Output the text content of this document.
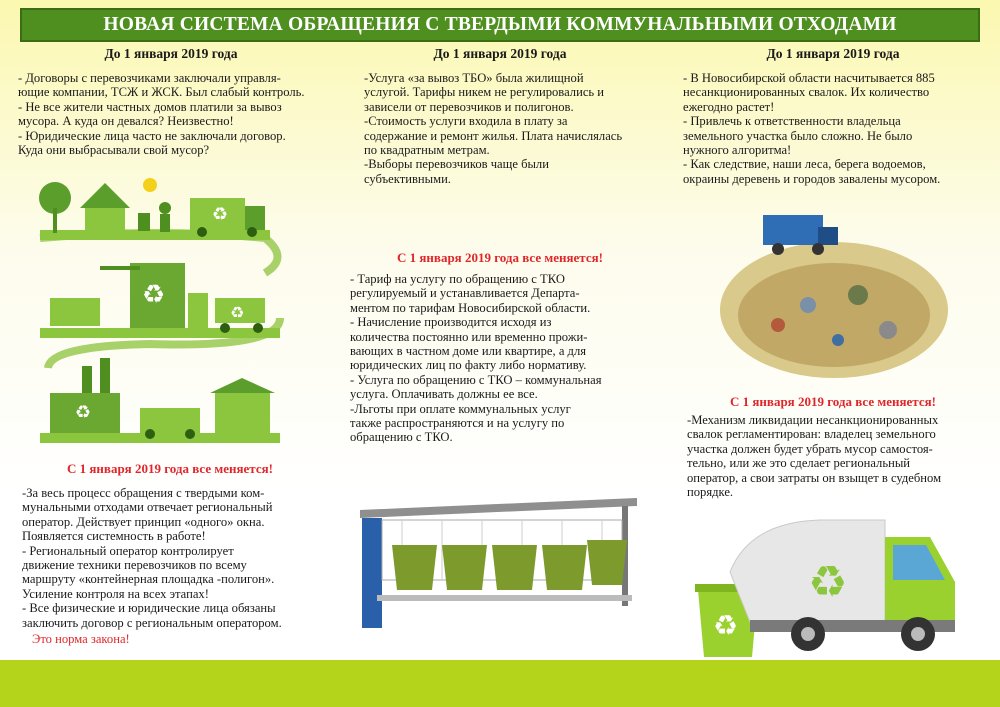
НОВАЯ СИСТЕМА ОБРАЩЕНИЯ С ТВЕРДЫМИ КОММУНАЛЬНЫМИ ОТХОДАМИ
До 1 января 2019 года

- Договоры с перевозчиками заключали управля-

ющие компании, ТСЖ и ЖСК. Был слабый контроль.

- Не все жители частных домов платили за вывоз

мусора. А куда он девался? Неизвестно!

- Юридические лица часто не заключали договор.

Куда они выбрасывали свой мусор?

До 1 января 2019 года

-Услуга «за вывоз ТБО» была жилищной

услугой. Тарифы никем не регулировались и

зависели от перевозчиков и полигонов.

-Стоимость услуги входила в плату за

содержание и ремонт жилья. Плата начислялась

по квадратным метрам.

-Выборы перевозчиков чаще были

субъективными.

До 1 января 2019 года

- В Новосибирской области насчитывается 885

несанкционированных свалок. Их количество

ежегодно растет!

- Привлечь к ответственности владельца

земельного участка было сложно. Не было

нужного алгоритма!

- Как следствие, наши леса, берега водоемов,

окраины деревень и городов завалены мусором.

♻
♻
♻
♻
С 1 января 2019 года все меняется!

-За весь процесс обращения с твердыми ком-

мунальными отходами отвечает региональный

оператор. Действует принцип «одного» окна.

Появляется системность в работе!

- Региональный оператор контролирует

движение техники перевозчиков по всему

маршруту «контейнерная площадка -полигон».

Усиление контроля на всех этапах!

- Все физические и юридические лица обязаны

заключить договор с региональным оператором.

Это норма закона!

С 1 января 2019 года все меняется!

- Тариф на услугу по обращению с ТКО

регулируемый и устанавливается Департа-

ментом по тарифам Новосибирской области.

- Начисление производится исходя из

количества постоянно или временно прожи-

вающих в частном доме или квартире, а для

юридических лиц по факту либо нормативу.

- Услуга по обращению с ТКО – коммунальная

услуга. Оплачивать должны ее все.

-Льготы при оплате коммунальных услуг

также распространяются и на услугу по

обращению с ТКО.

С 1 января 2019 года все меняется!

-Механизм ликвидации несанкционированных

свалок регламентирован: владелец земельного

участка должен будет убрать мусор самостоя-

тельно, или же это сделает региональный

оператор, а свои затраты он взыщет в судебном

порядке.

♻
♻
